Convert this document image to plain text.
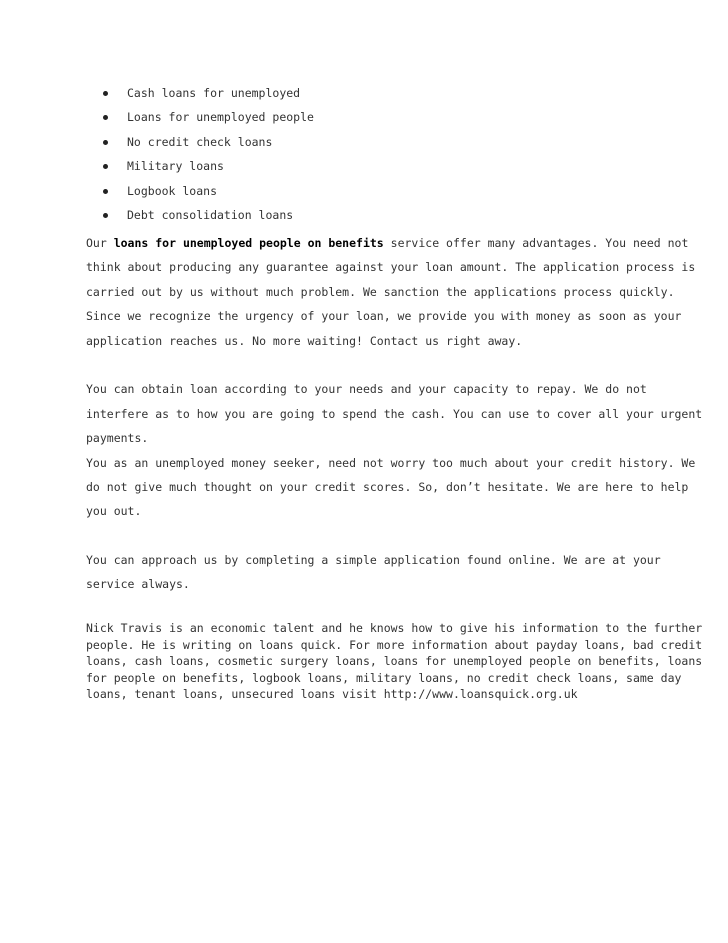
Cash loans for unemployed
Loans for unemployed people
No credit check loans
Military loans
Logbook loans
Debt consolidation loans
Our loans for unemployed people on benefits service offer many advantages. You need not
think about producing any guarantee against your loan amount. The application process is
carried out by us without much problem. We sanction the applications process quickly.
Since we recognize the urgency of your loan, we provide you with money as soon as your
application reaches us. No more waiting! Contact us right away.
You can obtain loan according to your needs and your capacity to repay. We do not
interfere as to how you are going to spend the cash. You can use to cover all your urgent
payments.
You as an unemployed money seeker, need not worry too much about your credit history. We
do not give much thought on your credit scores. So, don’t hesitate. We are here to help
you out.
You can approach us by completing a simple application found online. We are at your
service always.
Nick Travis is an economic talent and he knows how to give his information to the further
people. He is writing on loans quick. For more information about payday loans, bad credit
loans, cash loans, cosmetic surgery loans, loans for unemployed people on benefits, loans
for people on benefits, logbook loans, military loans, no credit check loans, same day
loans, tenant loans, unsecured loans visit http://www.loansquick.org.uk
